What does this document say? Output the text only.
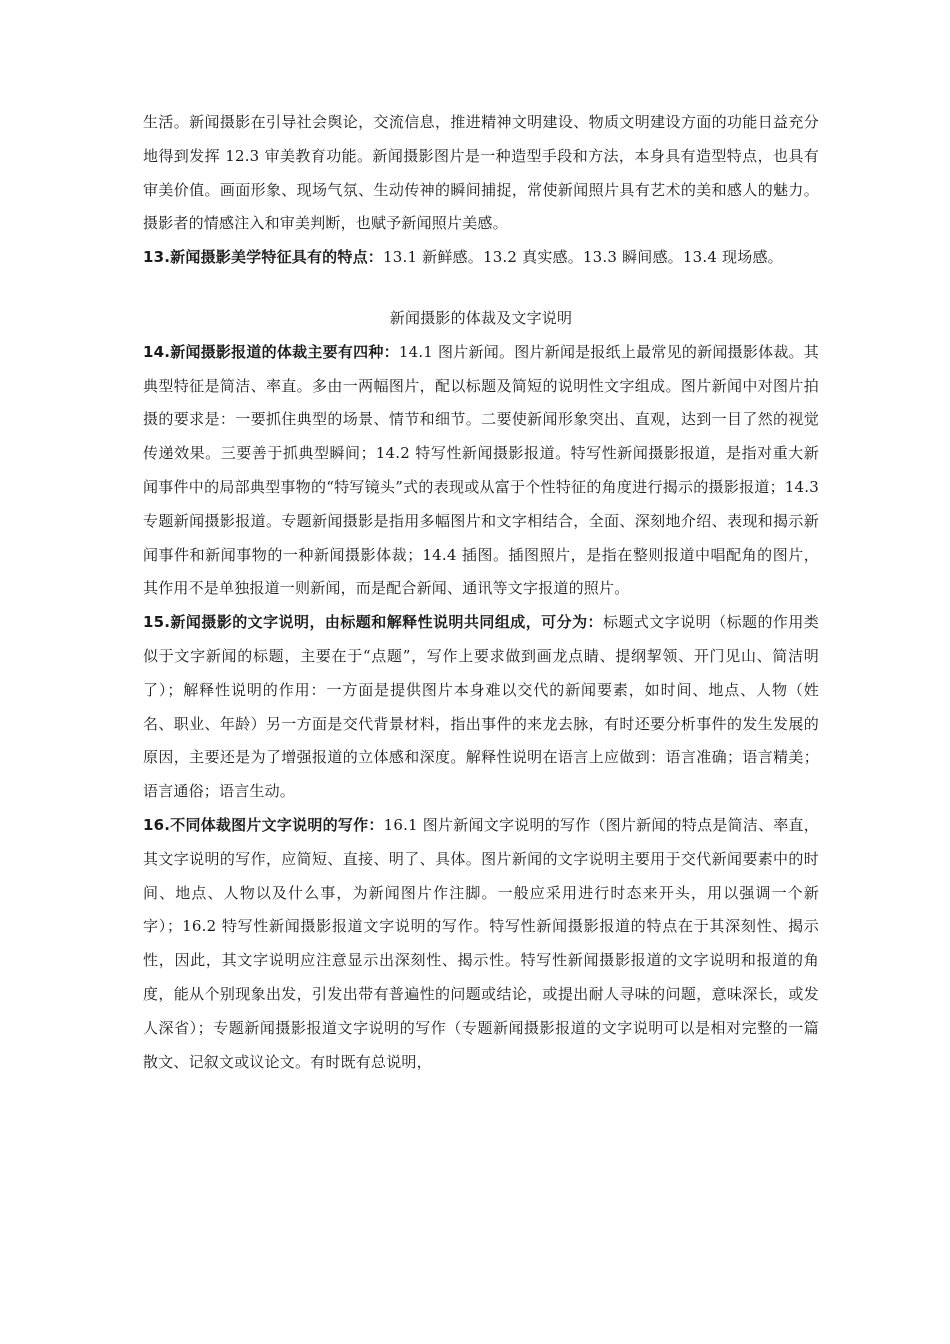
生活。新闻摄影在引导社会舆论，交流信息，推进精神文明建设、物质文明建设方面的功能日益充分地得到发挥 12.3 审美教育功能。新闻摄影图片是一种造型手段和方法，本身具有造型特点，也具有审美价值。画面形象、现场气氛、生动传神的瞬间捕捉，常使新闻照片具有艺术的美和感人的魅力。摄影者的情感注入和审美判断，也赋予新闻照片美感。

13.新闻摄影美学特征具有的特点：13.1 新鲜感。13.2 真实感。13.3 瞬间感。13.4 现场感。

新闻摄影的体裁及文字说明

14.新闻摄影报道的体裁主要有四种：14.1 图片新闻。图片新闻是报纸上最常见的新闻摄影体裁。其典型特征是简洁、率直。多由一两幅图片，配以标题及简短的说明性文字组成。图片新闻中对图片拍摄的要求是：一要抓住典型的场景、情节和细节。二要使新闻形象突出、直观，达到一目了然的视觉传递效果。三要善于抓典型瞬间；14.2 特写性新闻摄影报道。特写性新闻摄影报道，是指对重大新闻事件中的局部典型事物的“特写镜头”式的表现或从富于个性特征的角度进行揭示的摄影报道；14.3 专题新闻摄影报道。专题新闻摄影是指用多幅图片和文字相结合，全面、深刻地介绍、表现和揭示新闻事件和新闻事物的一种新闻摄影体裁；14.4 插图。插图照片，是指在整则报道中唱配角的图片，其作用不是单独报道一则新闻，而是配合新闻、通讯等文字报道的照片。

15.新闻摄影的文字说明，由标题和解释性说明共同组成，可分为：标题式文字说明（标题的作用类似于文字新闻的标题，主要在于“点题”，写作上要求做到画龙点睛、提纲挈领、开门见山、简洁明了）；解释性说明的作用：一方面是提供图片本身难以交代的新闻要素，如时间、地点、人物（姓名、职业、年龄）另一方面是交代背景材料，指出事件的来龙去脉，有时还要分析事件的发生发展的原因，主要还是为了增强报道的立体感和深度。解释性说明在语言上应做到：语言准确；语言精美；语言通俗；语言生动。

16.不同体裁图片文字说明的写作：16.1 图片新闻文字说明的写作（图片新闻的特点是简洁、率直，其文字说明的写作，应简短、直接、明了、具体。图片新闻的文字说明主要用于交代新闻要素中的时间、地点、人物以及什么事，为新闻图片作注脚。一般应采用进行时态来开头，用以强调一个新字）；16.2 特写性新闻摄影报道文字说明的写作。特写性新闻摄影报道的特点在于其深刻性、揭示性，因此，其文字说明应注意显示出深刻性、揭示性。特写性新闻摄影报道的文字说明和报道的角度，能从个别现象出发，引发出带有普遍性的问题或结论，或提出耐人寻味的问题，意味深长，或发人深省）；专题新闻摄影报道文字说明的写作（专题新闻摄影报道的文字说明可以是相对完整的一篇散文、记叙文或议论文。有时既有总说明，
